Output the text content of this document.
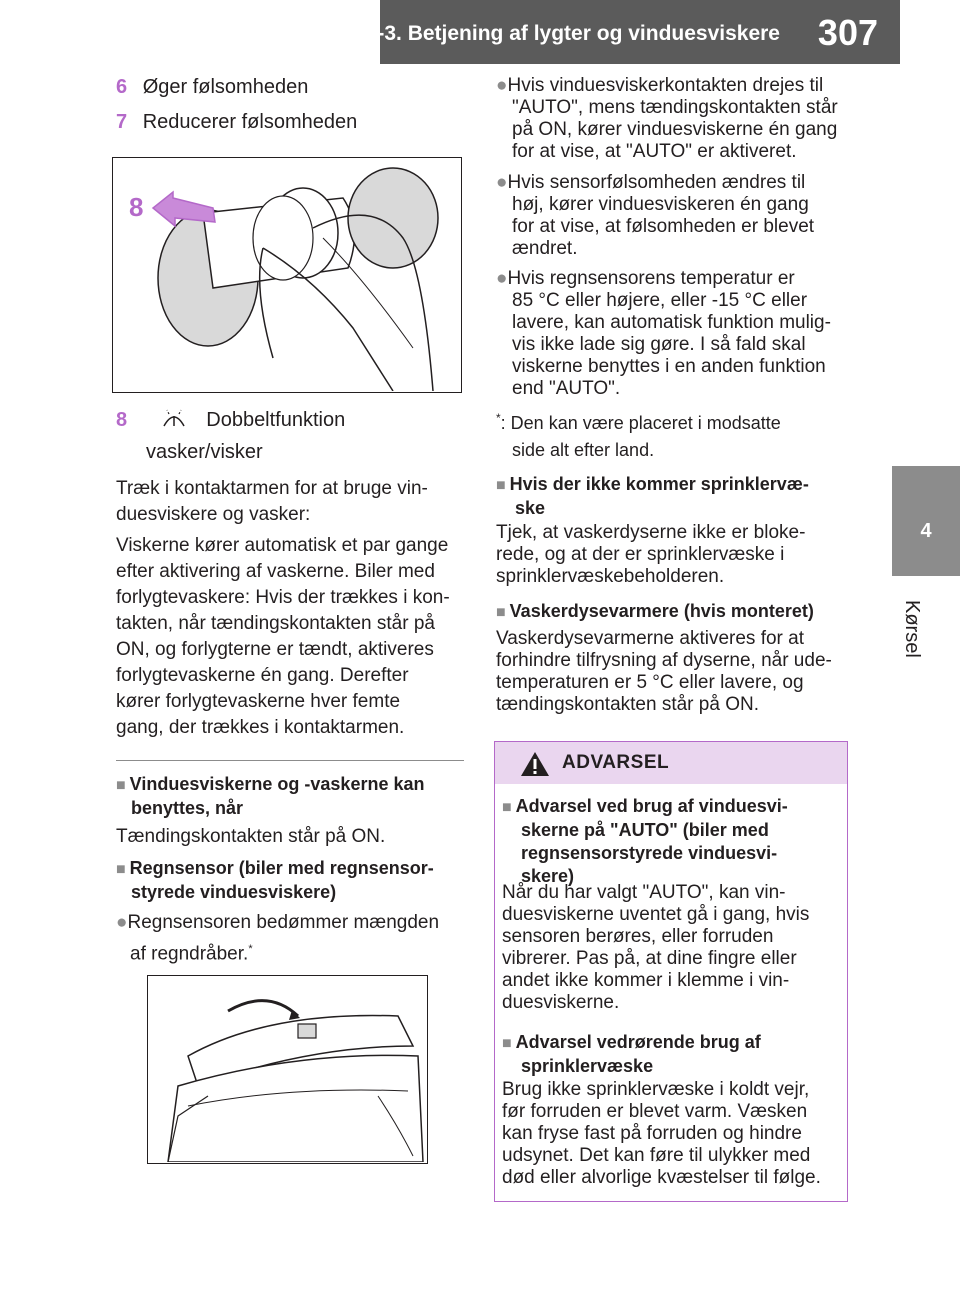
4-3. Betjening af lygter og vinduesviskere 307
4
Kørsel
6 Øger følsomheden
7 Reducerer følsomheden
8
8	Dobbeltfunktion
vasker/visker
Træk i kontaktarmen for at bruge vin-
duesviskere og vasker:
Viskerne kører automatisk et par gange
efter aktivering af vaskerne. Biler med
forlygtevaskere: Hvis der trækkes i kon-
takten, når tændingskontakten står på
ON, og forlygterne er tændt, aktiveres
forlygtevaskerne én gang. Derefter
kører forlygtevaskerne hver femte
gang, der trækkes i kontaktarmen.
■ Vinduesviskerne og -vaskerne kan
benyttes, når
Tændingskontakten står på ON.
■ Regnsensor (biler med regnsensor-
styrede vinduesviskere)
●Regnsensoren bedømmer mængden
af regndråber.*
●Hvis vinduesviskerkontakten drejes til
"AUTO", mens tændingskontakten står
på ON, kører vinduesviskerne én gang
for at vise, at "AUTO" er aktiveret.
●Hvis sensorfølsomheden ændres til
høj, kører vinduesviskeren én gang
for at vise, at følsomheden er blevet
ændret.
●Hvis regnsensorens temperatur er
85 °C eller højere, eller -15 °C eller
lavere, kan automatisk funktion mulig-
vis ikke lade sig gøre. I så fald skal
viskerne benyttes i en anden funktion
end "AUTO".
*: Den kan være placeret i modsatte
side alt efter land.
■ Hvis der ikke kommer sprinklervæ-
ske
Tjek, at vaskerdyserne ikke er bloke-
rede, og at der er sprinklervæske i
sprinklervæskebeholderen.
■ Vaskerdysevarmere (hvis monteret)
Vaskerdysevarmerne aktiveres for at
forhindre tilfrysning af dyserne, når ude-
temperaturen er 5 °C eller lavere, og
tændingskontakten står på ON.
ADVARSEL
■ Advarsel ved brug af vinduesvi-
skerne på "AUTO" (biler med
regnsensorstyrede vinduesvi-
skere)
Når du har valgt "AUTO", kan vin-
duesviskerne uventet gå i gang, hvis
sensoren berøres, eller forruden
vibrerer. Pas på, at dine fingre eller
andet ikke kommer i klemme i vin-
duesviskerne.
■ Advarsel vedrørende brug af
sprinklervæske
Brug ikke sprinklervæske i koldt vejr,
før forruden er blevet varm. Væsken
kan fryse fast på forruden og hindre
udsynet. Det kan føre til ulykker med
død eller alvorlige kvæstelser til følge.
